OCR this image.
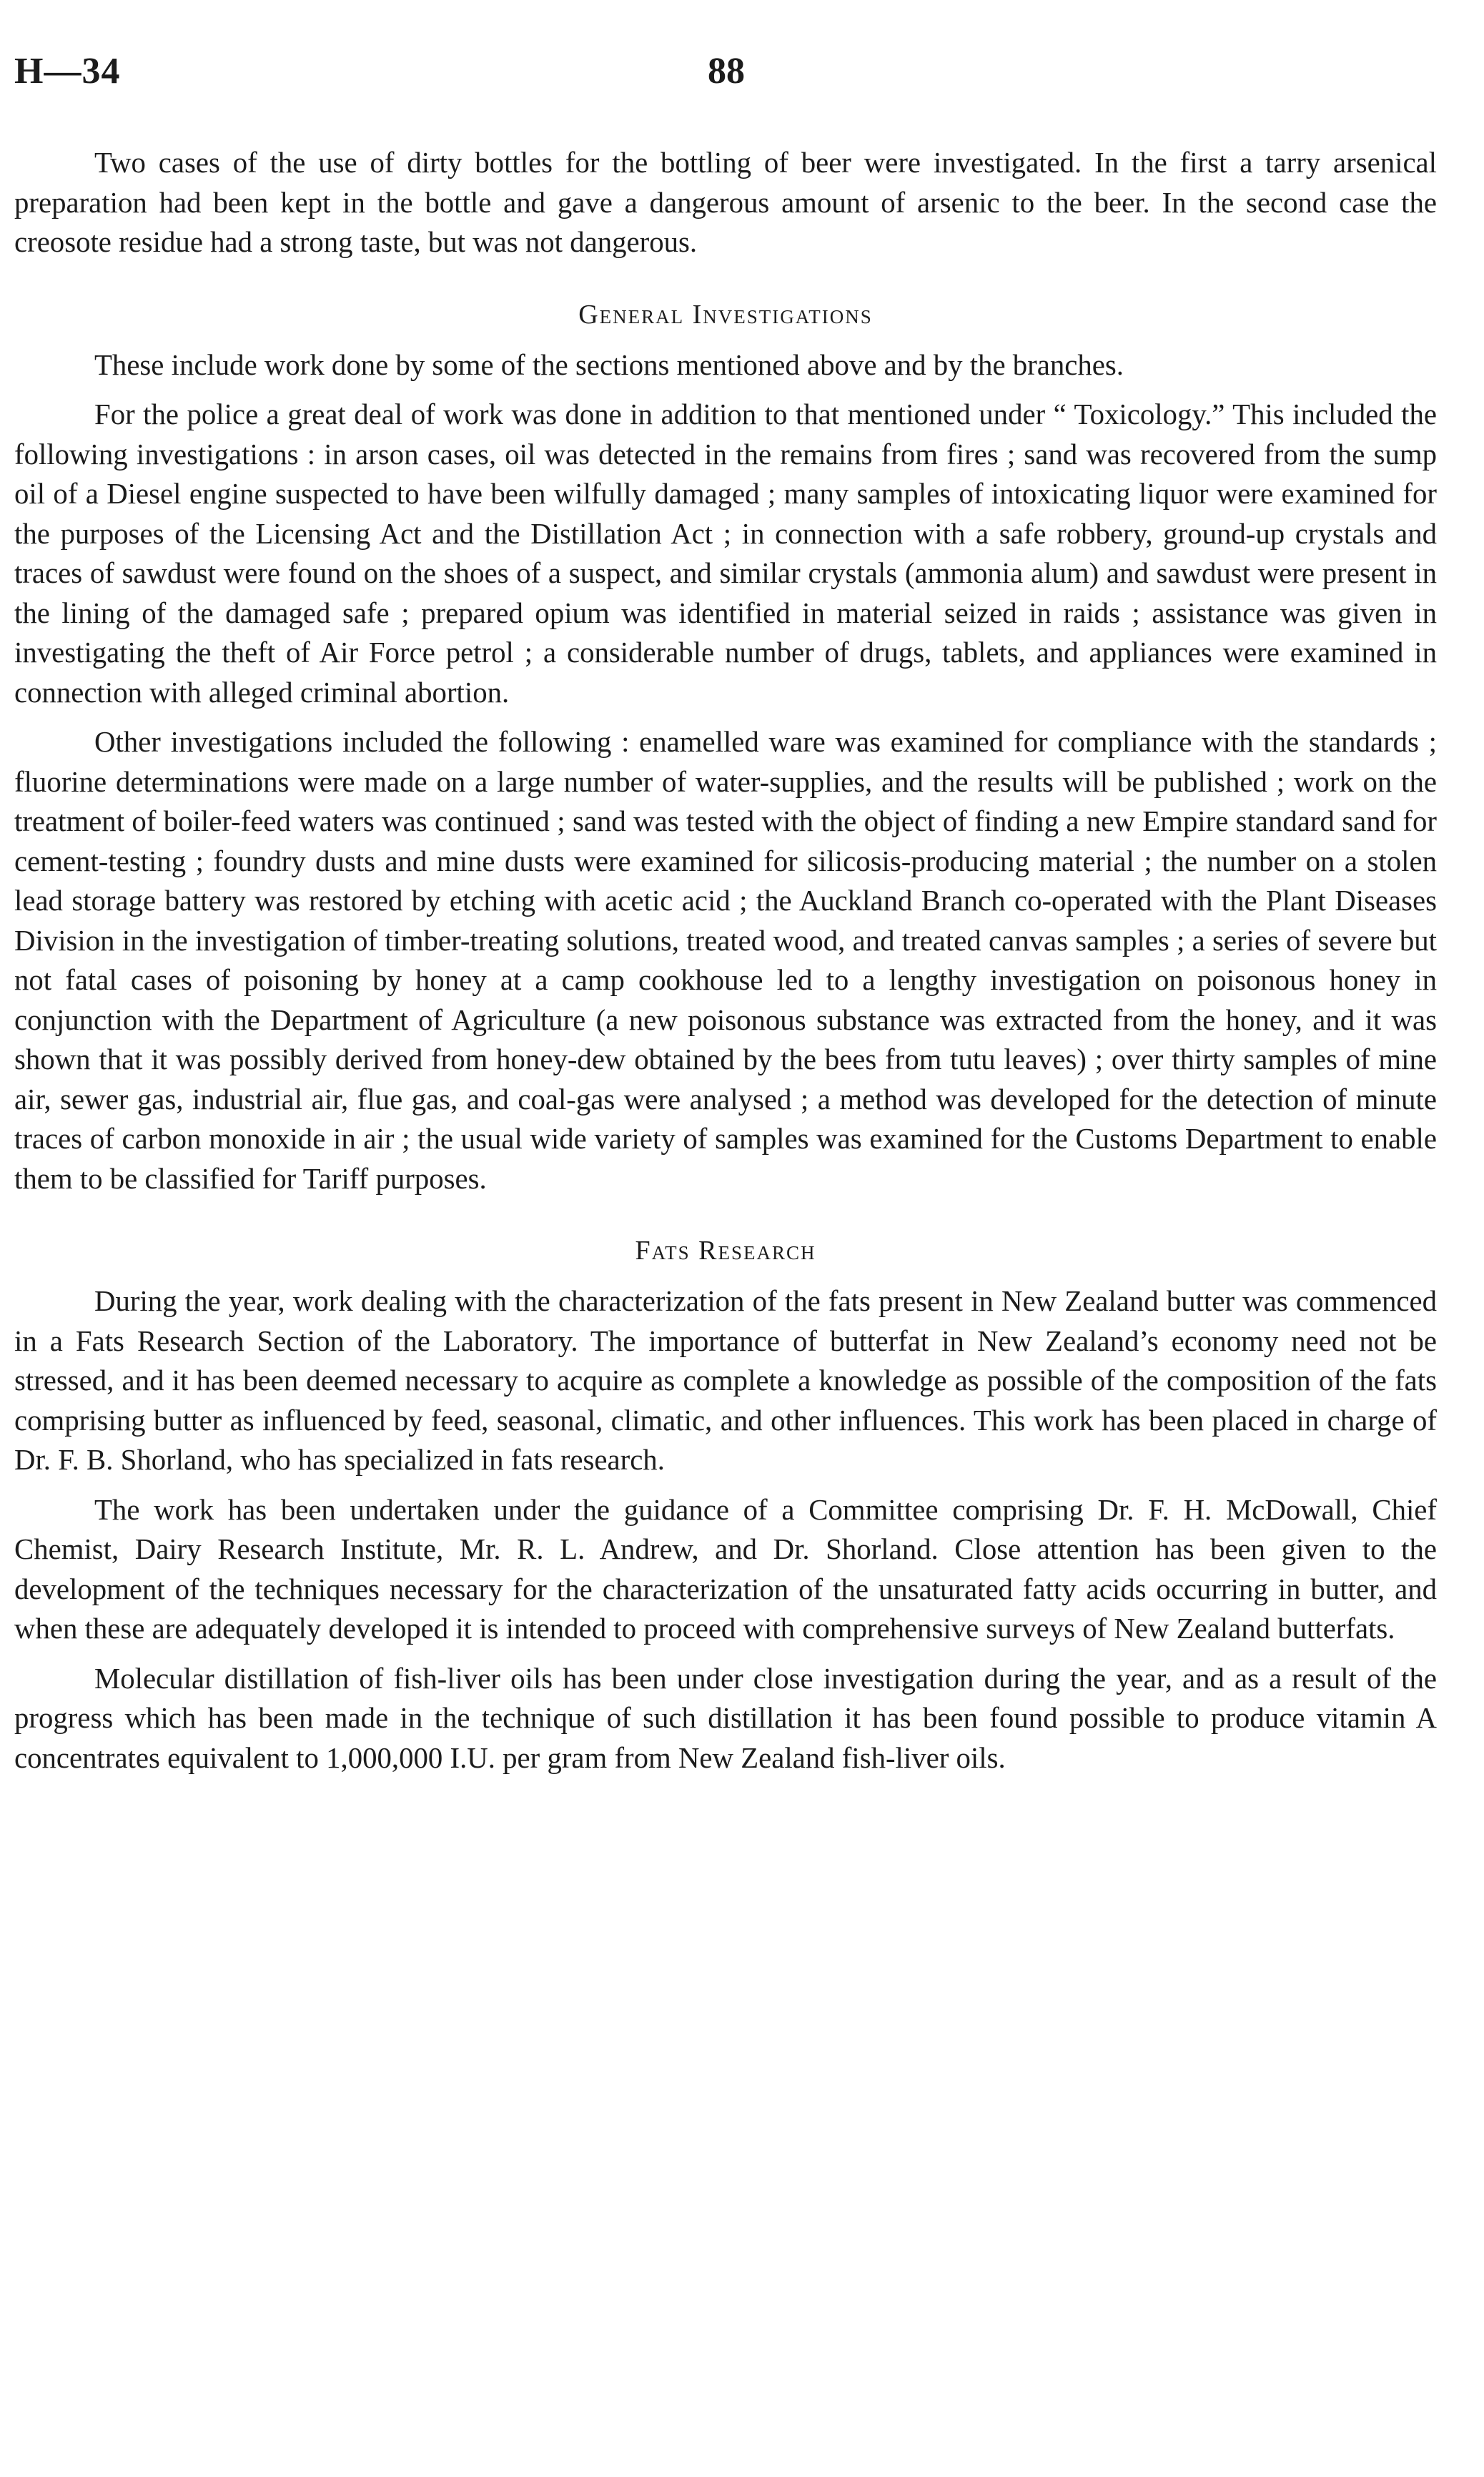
H—34	88

Two cases of the use of dirty bottles for the bottling of beer were investigated. In the first a tarry arsenical preparation had been kept in the bottle and gave a dangerous amount of arsenic to the beer. In the second case the creosote residue had a strong taste, but was not dangerous.

General Investigations

These include work done by some of the sections mentioned above and by the branches.

For the police a great deal of work was done in addition to that mentioned under “ Toxicology.” This included the following investigations : in arson cases, oil was detected in the remains from fires ; sand was recovered from the sump oil of a Diesel engine suspected to have been wilfully damaged ; many samples of intoxicating liquor were examined for the purposes of the Licensing Act and the Distillation Act ; in connection with a safe robbery, ground-up crystals and traces of sawdust were found on the shoes of a suspect, and similar crystals (ammonia alum) and sawdust were present in the lining of the damaged safe ; prepared opium was identified in material seized in raids ; assistance was given in investigating the theft of Air Force petrol ; a considerable number of drugs, tablets, and appliances were examined in connection with alleged criminal abortion.

Other investigations included the following : enamelled ware was examined for compliance with the standards ; fluorine determinations were made on a large number of water-supplies, and the results will be published ; work on the treatment of boiler-feed waters was continued ; sand was tested with the object of finding a new Empire standard sand for cement-testing ; foundry dusts and mine dusts were examined for silicosis-producing material ; the number on a stolen lead storage battery was restored by etching with acetic acid ; the Auckland Branch co-operated with the Plant Diseases Division in the investigation of timber-treating solutions, treated wood, and treated canvas samples ; a series of severe but not fatal cases of poisoning by honey at a camp cookhouse led to a lengthy investigation on poisonous honey in conjunction with the Department of Agriculture (a new poisonous substance was extracted from the honey, and it was shown that it was possibly derived from honey-dew obtained by the bees from tutu leaves) ; over thirty samples of mine air, sewer gas, industrial air, flue gas, and coal-gas were analysed ; a method was developed for the detection of minute traces of carbon monoxide in air ; the usual wide variety of samples was examined for the Customs Department to enable them to be classified for Tariff purposes.

Fats Research

During the year, work dealing with the characterization of the fats present in New Zealand butter was commenced in a Fats Research Section of the Laboratory. The importance of butterfat in New Zealand’s economy need not be stressed, and it has been deemed necessary to acquire as complete a knowledge as possible of the composition of the fats comprising butter as influenced by feed, seasonal, climatic, and other influences. This work has been placed in charge of Dr. F. B. Shorland, who has specialized in fats research.

The work has been undertaken under the guidance of a Committee comprising Dr. F. H. McDowall, Chief Chemist, Dairy Research Institute, Mr. R. L. Andrew, and Dr. Shorland. Close attention has been given to the development of the techniques necessary for the characterization of the unsaturated fatty acids occurring in butter, and when these are adequately developed it is intended to proceed with comprehensive surveys of New Zealand butterfats.

Molecular distillation of fish-liver oils has been under close investigation during the year, and as a result of the progress which has been made in the technique of such distillation it has been found possible to produce vitamin A concentrates equivalent to 1,000,000 I.U. per gram from New Zealand fish-liver oils.
